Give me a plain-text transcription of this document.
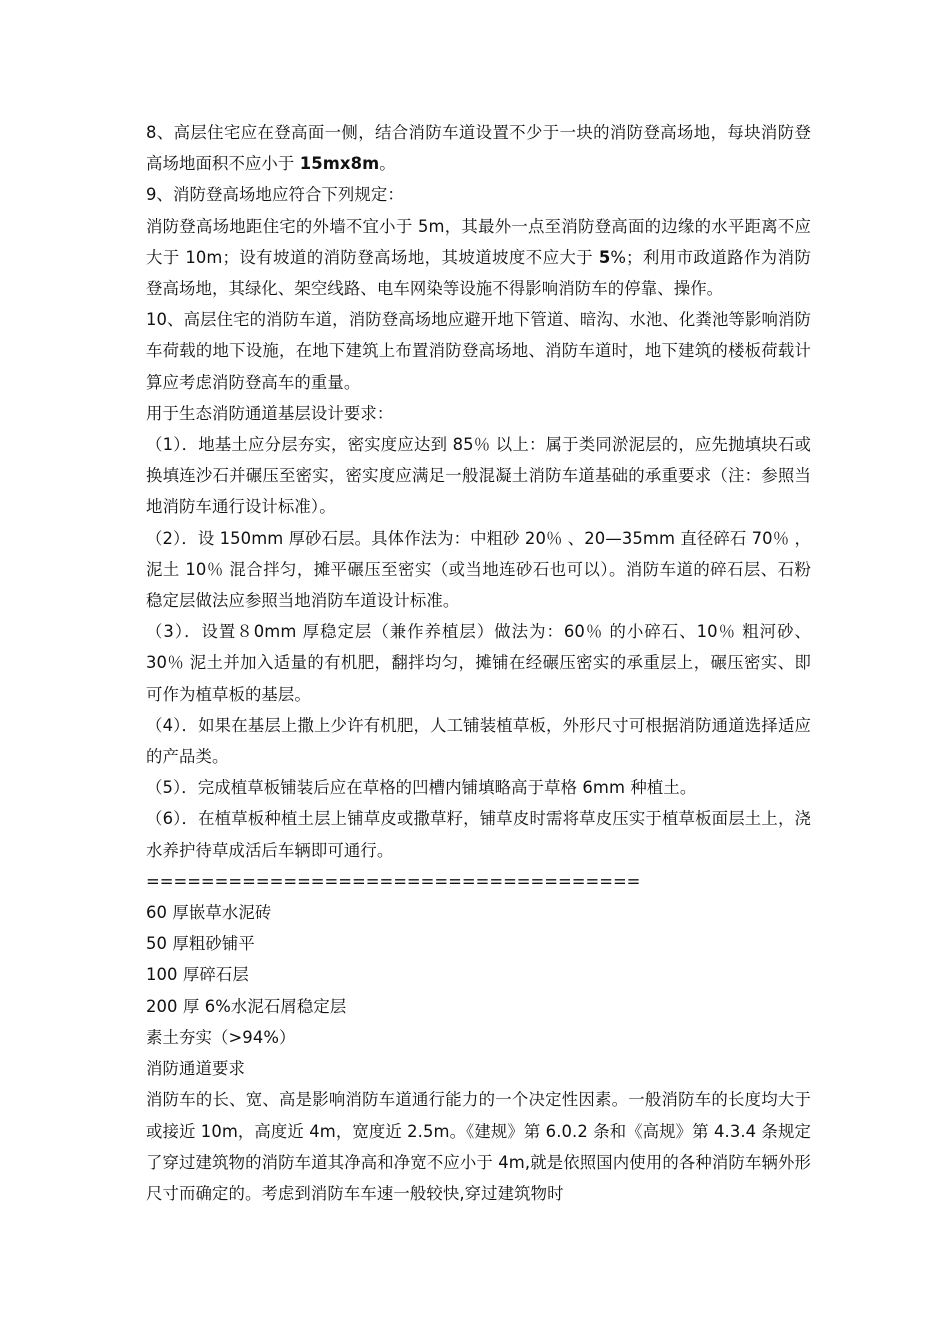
8、高层住宅应在登高面一侧，结合消防车道设置不少于一块的消防登高场地，每块消防登高场地面积不应小于 15mx8m。

9、消防登高场地应符合下列规定：

消防登高场地距住宅的外墙不宜小于 5m，其最外一点至消防登高面的边缘的水平距离不应大于 10m；设有坡道的消防登高场地，其坡道坡度不应大于 5%；利用市政道路作为消防登高场地，其绿化、架空线路、电车网染等设施不得影响消防车的停靠、操作。

10、高层住宅的消防车道，消防登高场地应避开地下管道、暗沟、水池、化粪池等影响消防车荷载的地下设施，在地下建筑上布置消防登高场地、消防车道时，地下建筑的楼板荷载计算应考虑消防登高车的重量。

用于生态消防通道基层设计要求：

（1）．地基土应分层夯实，密实度应达到 85％ 以上：属于类同淤泥层的，应先抛填块石或换填连沙石并碾压至密实，密实度应满足一般混凝土消防车道基础的承重要求（注：参照当地消防车通行设计标准）。

（2）．设 150mm 厚砂石层。具体作法为：中粗砂 20％ 、20—35mm 直径碎石 70％ ，泥土 10％ 混合拌匀，摊平碾压至密实（或当地连砂石也可以）。消防车道的碎石层、石粉稳定层做法应参照当地消防车道设计标准。

（3）．设置８0mm 厚稳定层（兼作养植层）做法为：60％ 的小碎石、10％ 粗河砂、30％ 泥土并加入适量的有机肥，翻拌均匀，摊铺在经碾压密实的承重层上，碾压密实、即可作为植草板的基层。

（4）．如果在基层上撒上少许有机肥，人工铺装植草板，外形尺寸可根据消防通道选择适应的产品类。

（5）．完成植草板铺装后应在草格的凹槽内铺填略高于草格 6mm 种植土。

（6）．在植草板种植土层上铺草皮或撒草籽，铺草皮时需将草皮压实于植草板面层土上，浇水养护待草成活后车辆即可通行。

====================================

60 厚嵌草水泥砖

50 厚粗砂铺平

100 厚碎石层

200 厚 6%水泥石屑稳定层

素土夯实（>94%）

消防通道要求

消防车的长、宽、高是影响消防车道通行能力的一个决定性因素。一般消防车的长度均大于或接近 10m，高度近 4m，宽度近 2.5m。《建规》第 6.0.2 条和《高规》第 4.3.4 条规定了穿过建筑物的消防车道其净高和净宽不应小于 4m,就是依照国内使用的各种消防车辆外形尺寸而确定的。考虑到消防车车速一般较快,穿过建筑物时
